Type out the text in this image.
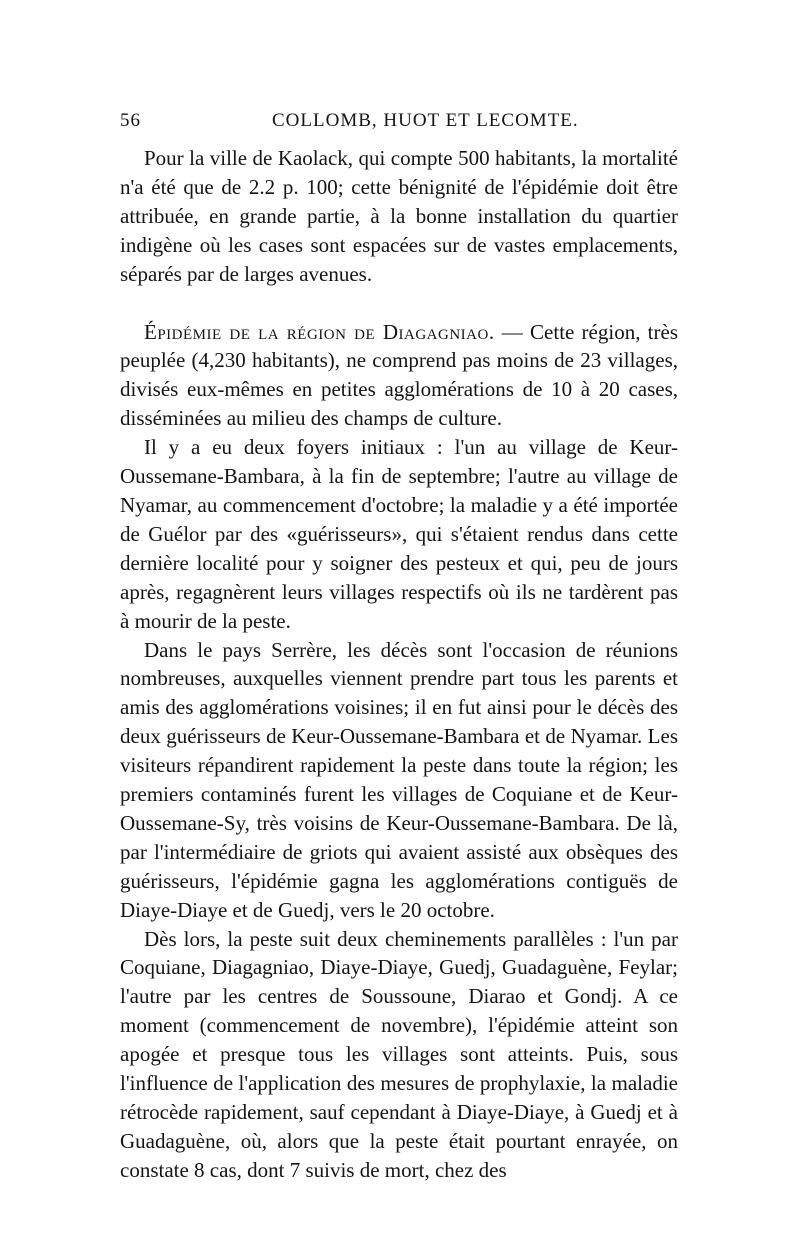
56	COLLOMB, HUOT ET LECOMTE.

Pour la ville de Kaolack, qui compte 500 habitants, la mortalité n'a été que de 2.2 p. 100; cette bénignité de l'épidémie doit être attribuée, en grande partie, à la bonne installation du quartier indigène où les cases sont espacées sur de vastes emplacements, séparés par de larges avenues.

Épidémie de la région de Diagagniao. — Cette région, très peuplée (4,230 habitants), ne comprend pas moins de 23 villages, divisés eux-mêmes en petites agglomérations de 10 à 20 cases, disséminées au milieu des champs de culture.

Il y a eu deux foyers initiaux : l'un au village de Keur-Oussemane-Bambara, à la fin de septembre; l'autre au village de Nyamar, au commencement d'octobre; la maladie y a été importée de Guélor par des «guérisseurs», qui s'étaient rendus dans cette dernière localité pour y soigner des pesteux et qui, peu de jours après, regagnèrent leurs villages respectifs où ils ne tardèrent pas à mourir de la peste.

Dans le pays Serrère, les décès sont l'occasion de réunions nombreuses, auxquelles viennent prendre part tous les parents et amis des agglomérations voisines; il en fut ainsi pour le décès des deux guérisseurs de Keur-Oussemane-Bambara et de Nyamar. Les visiteurs répandirent rapidement la peste dans toute la région; les premiers contaminés furent les villages de Coquiane et de Keur-Oussemane-Sy, très voisins de Keur-Oussemane-Bambara. De là, par l'intermédiaire de griots qui avaient assisté aux obsèques des guérisseurs, l'épidémie gagna les agglomérations contiguës de Diaye-Diaye et de Guedj, vers le 20 octobre.

Dès lors, la peste suit deux cheminements parallèles : l'un par Coquiane, Diagagniao, Diaye-Diaye, Guedj, Guadaguène, Feylar; l'autre par les centres de Soussoune, Diarao et Gondj. A ce moment (commencement de novembre), l'épidémie atteint son apogée et presque tous les villages sont atteints. Puis, sous l'influence de l'application des mesures de prophylaxie, la maladie rétrocède rapidement, sauf cependant à Diaye-Diaye, à Guedj et à Guadaguène, où, alors que la peste était pourtant enrayée, on constate 8 cas, dont 7 suivis de mort, chez des
